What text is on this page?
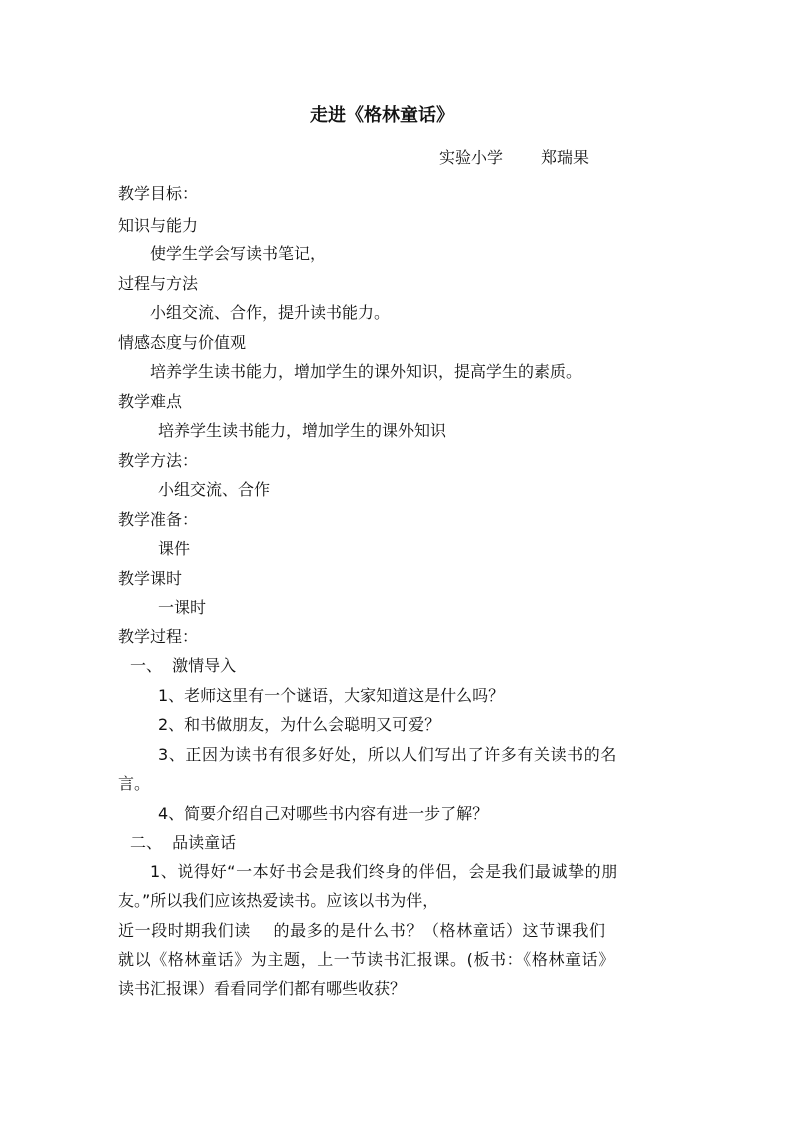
走进《格林童话》
实验小学 郑瑞果
教学目标：
知识与能力
使学生学会写读书笔记，
过程与方法
小组交流、合作，提升读书能力。
情感态度与价值观
培养学生读书能力，增加学生的课外知识，提高学生的素质。
教学难点
培养学生读书能力，增加学生的课外知识
教学方法：
小组交流、合作
教学准备：
课件
教学课时
一课时
教学过程：
一、  激情导入
1、老师这里有一个谜语，大家知道这是什么吗？
2、和书做朋友，为什么会聪明又可爱？
3、正因为读书有很多好处，所以人们写出了许多有关读书的名
言。
4、简要介绍自己对哪些书内容有进一步了解？
二、  品读童话
1、说得好“一本好书会是我们终身的伴侣，会是我们最诚挚的朋
友。”所以我们应该热爱读书。应该以书为伴，
近一段时期我们读    的最多的是什么书？（格林童话）这节课我们
就以《格林童话》为主题，上一节读书汇报课。(板书：《格林童话》
读书汇报课）看看同学们都有哪些收获？
